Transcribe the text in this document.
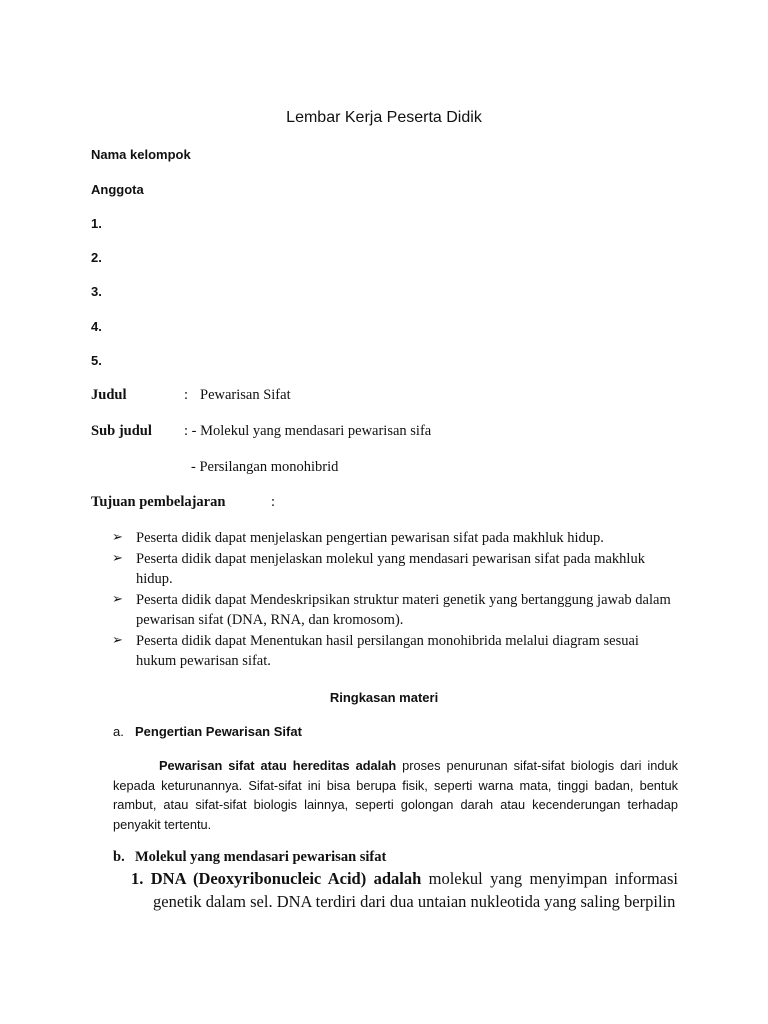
Lembar Kerja Peserta Didik
Nama kelompok
Anggota
1.
2.
3.
4.
5.
Judul	: Pewarisan Sifat
Sub judul : - Molekul yang mendasari pewarisan sifa
- Persilangan monohibrid
Tujuan pembelajaran	:
➢ Peserta didik dapat menjelaskan pengertian pewarisan sifat pada makhluk hidup.
➢ Peserta didik dapat menjelaskan molekul yang mendasari pewarisan sifat pada makhluk hidup.
➢ Peserta didik dapat Mendeskripsikan struktur materi genetik yang bertanggung jawab dalam pewarisan sifat (DNA, RNA, dan kromosom).
➢ Peserta didik dapat Menentukan hasil persilangan monohibrida melalui diagram sesuai hukum pewarisan sifat.
Ringkasan materi
a. Pengertian Pewarisan Sifat
Pewarisan sifat atau hereditas adalah proses penurunan sifat-sifat biologis dari induk kepada keturunannya. Sifat-sifat ini bisa berupa fisik, seperti warna mata, tinggi badan, bentuk rambut, atau sifat-sifat biologis lainnya, seperti golongan darah atau kecenderungan terhadap penyakit tertentu.
b. Molekul yang mendasari pewarisan sifat
1. DNA (Deoxyribonucleic Acid) adalah molekul yang menyimpan informasi genetik dalam sel. DNA terdiri dari dua untaian nukleotida yang saling berpilin
